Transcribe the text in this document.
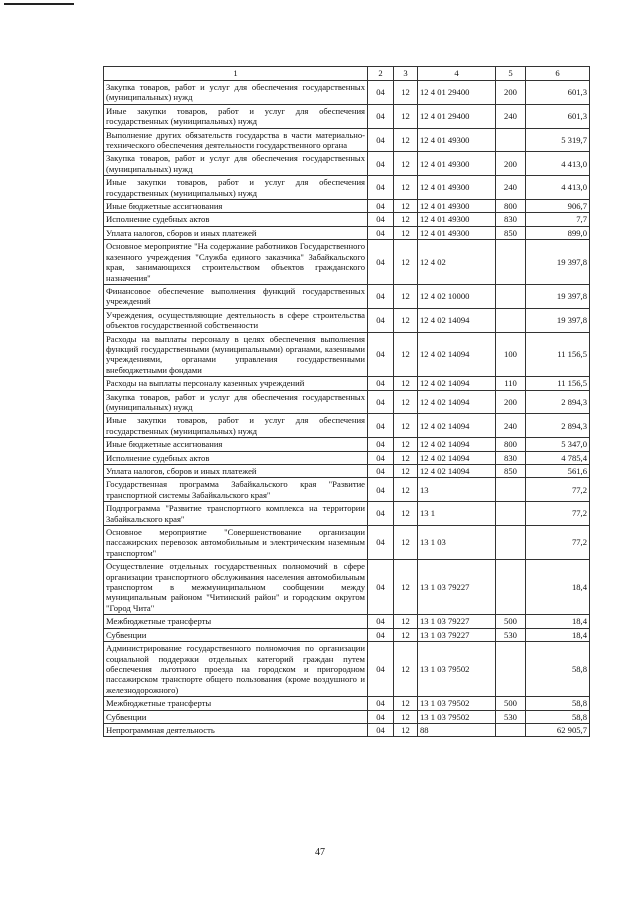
1	2	3	4	5	6
Закупка товаров, работ и услуг для обеспечения государственных (муниципальных) нужд	04	12	12 4 01 29400	200	601,3
Иные закупки товаров, работ и услуг для обеспечения государственных (муниципальных) нужд	04	12	12 4 01 29400	240	601,3
Выполнение других обязательств государства в части материально-технического обеспечения деятельности государственного органа	04	12	12 4 01 49300		5 319,7
Закупка товаров, работ и услуг для обеспечения государственных (муниципальных) нужд	04	12	12 4 01 49300	200	4 413,0
Иные закупки товаров, работ и услуг для обеспечения государственных (муниципальных) нужд	04	12	12 4 01 49300	240	4 413,0
Иные бюджетные ассигнования	04	12	12 4 01 49300	800	906,7
Исполнение судебных актов	04	12	12 4 01 49300	830	7,7
Уплата налогов, сборов и иных платежей	04	12	12 4 01 49300	850	899,0
Основное мероприятие "На содержание работников Государственного казенного учреждения "Служба единого заказчика" Забайкальского края, занимающихся строительством объектов гражданского назначения"	04	12	12 4 02		19 397,8
Финансовое обеспечение выполнения функций государственных учреждений	04	12	12 4 02 10000		19 397,8
Учреждения, осуществляющие деятельность в сфере строительства объектов государственной собственности	04	12	12 4 02 14094		19 397,8
Расходы на выплаты персоналу в целях обеспечения выполнения функций государственными (муниципальными) органами, казенными учреждениями, органами управления государственными внебюджетными фондами	04	12	12 4 02 14094	100	11 156,5
Расходы на выплаты персоналу казенных учреждений	04	12	12 4 02 14094	110	11 156,5
Закупка товаров, работ и услуг для обеспечения государственных (муниципальных) нужд	04	12	12 4 02 14094	200	2 894,3
Иные закупки товаров, работ и услуг для обеспечения государственных (муниципальных) нужд	04	12	12 4 02 14094	240	2 894,3
Иные бюджетные ассигнования	04	12	12 4 02 14094	800	5 347,0
Исполнение судебных актов	04	12	12 4 02 14094	830	4 785,4
Уплата налогов, сборов и иных платежей	04	12	12 4 02 14094	850	561,6
Государственная программа Забайкальского края "Развитие транспортной системы Забайкальского края"	04	12	13		77,2
Подпрограмма "Развитие транспортного комплекса на территории Забайкальского края"	04	12	13 1		77,2
Основное мероприятие "Совершенствование организации пассажирских перевозок автомобильным и электрическим наземным транспортом"	04	12	13 1 03		77,2
Осуществление отдельных государственных полномочий в сфере организации транспортного обслуживания населения автомобильным транспортом в межмуниципальном сообщении между муниципальным районом "Читинский район" и городским округом "Город Чита"	04	12	13 1 03 79227		18,4
Межбюджетные трансферты	04	12	13 1 03 79227	500	18,4
Субвенции	04	12	13 1 03 79227	530	18,4
Администрирование государственного полномочия по организации социальной поддержки отдельных категорий граждан путем обеспечения льготного проезда на городском и пригородном пассажирском транспорте общего пользования (кроме воздушного и железнодорожного)	04	12	13 1 03 79502		58,8
Межбюджетные трансферты	04	12	13 1 03 79502	500	58,8
Субвенции	04	12	13 1 03 79502	530	58,8
Непрограммная деятельность	04	12	88		62 905,7
47
